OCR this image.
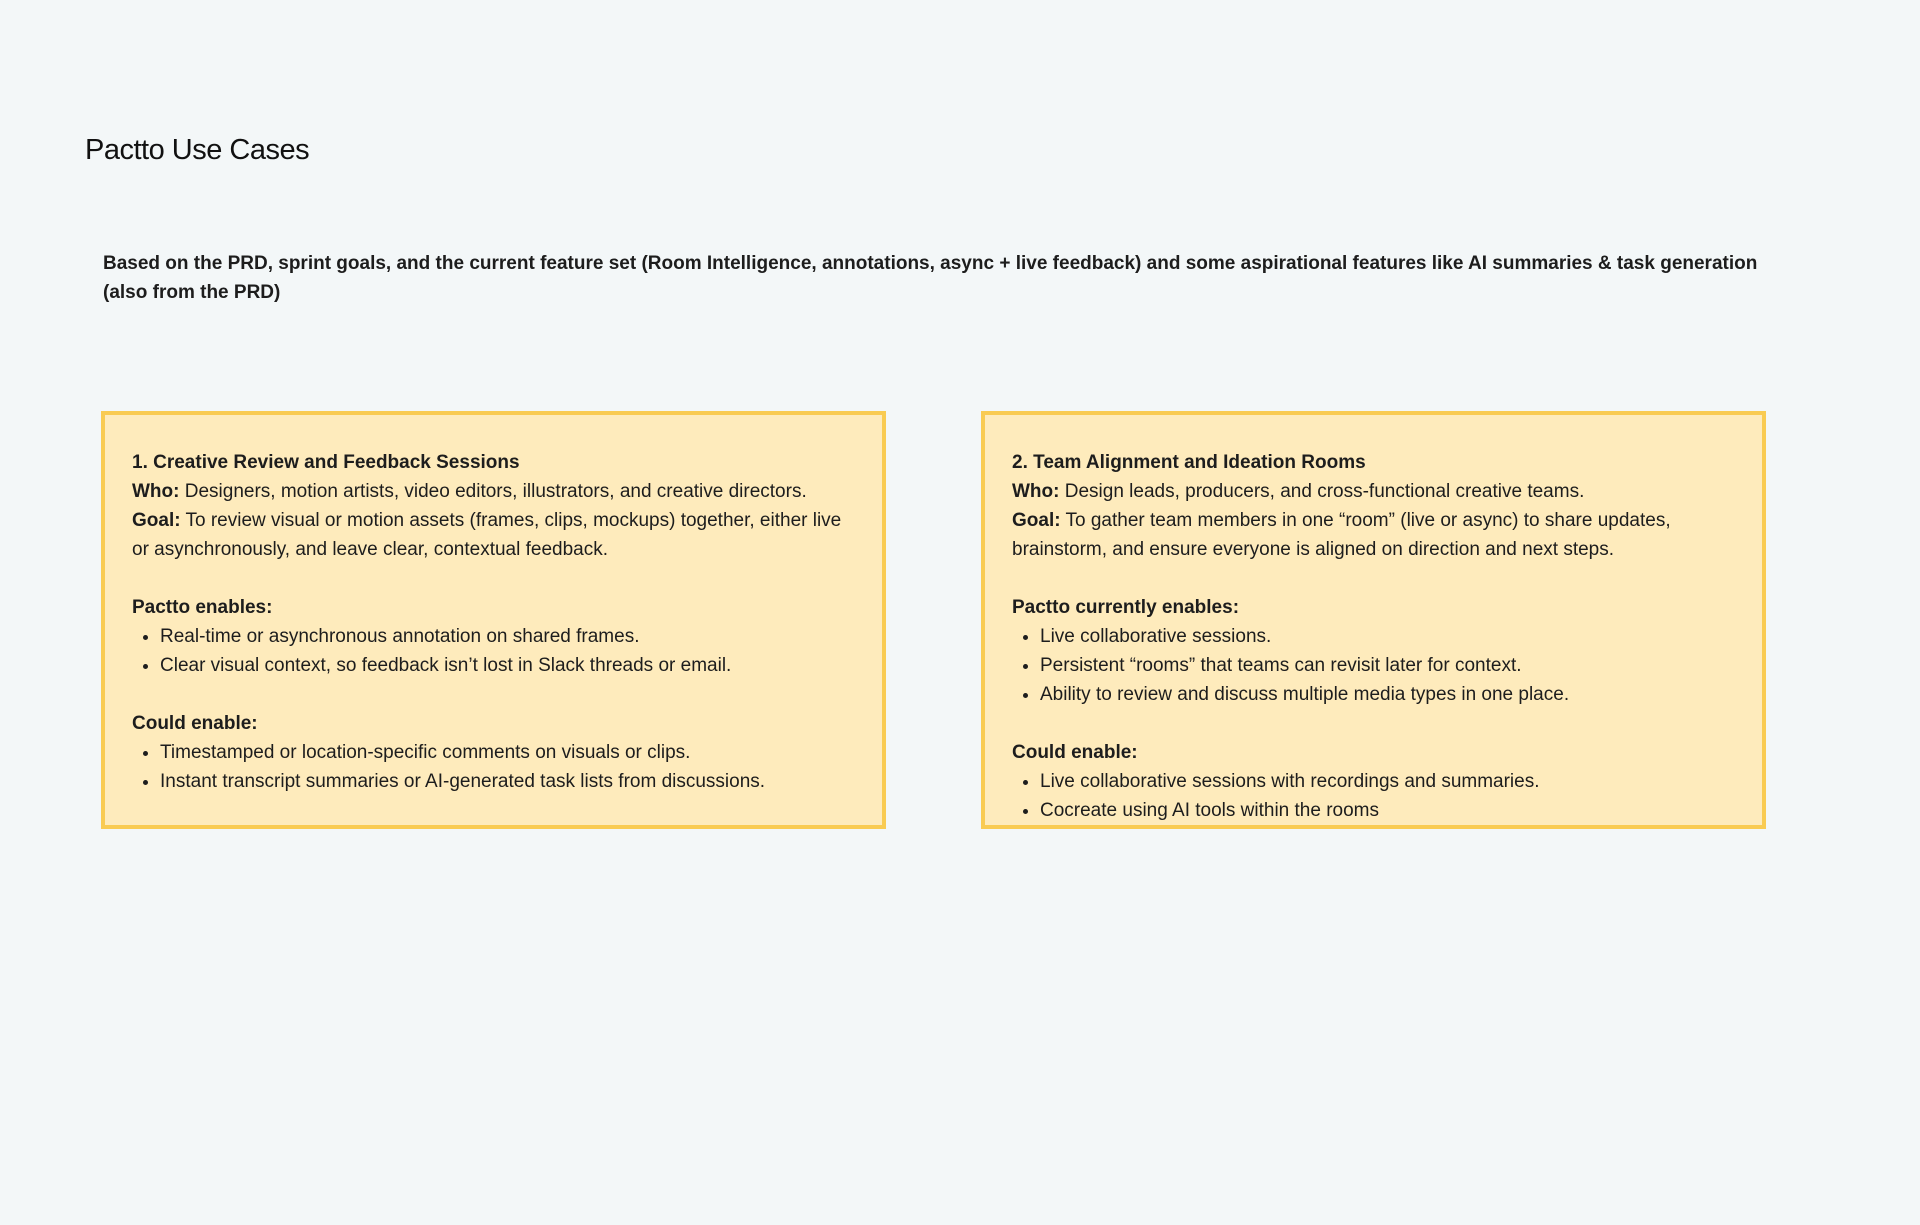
Pactto Use Cases

Based on the PRD, sprint goals, and the current feature set (Room Intelligence, annotations, async + live feedback) and some aspirational features like AI summaries & task generation (also from the PRD)

1. Creative Review and Feedback Sessions

Who: Designers, motion artists, video editors, illustrators, and creative directors.

Goal: To review visual or motion assets (frames, clips, mockups) together, either live or asynchronously, and leave clear, contextual feedback.

Pactto enables:

• Real-time or asynchronous annotation on shared frames.
• Clear visual context, so feedback isn’t lost in Slack threads or email.

Could enable:

• Timestamped or location-specific comments on visuals or clips.
• Instant transcript summaries or AI-generated task lists from discussions.

2. Team Alignment and Ideation Rooms

Who: Design leads, producers, and cross-functional creative teams.

Goal: To gather team members in one “room” (live or async) to share updates, brainstorm, and ensure everyone is aligned on direction and next steps.

Pactto currently enables:

• Live collaborative sessions.
• Persistent “rooms” that teams can revisit later for context.
• Ability to review and discuss multiple media types in one place.

Could enable:

• Live collaborative sessions with recordings and summaries.
• Cocreate using AI tools within the rooms
